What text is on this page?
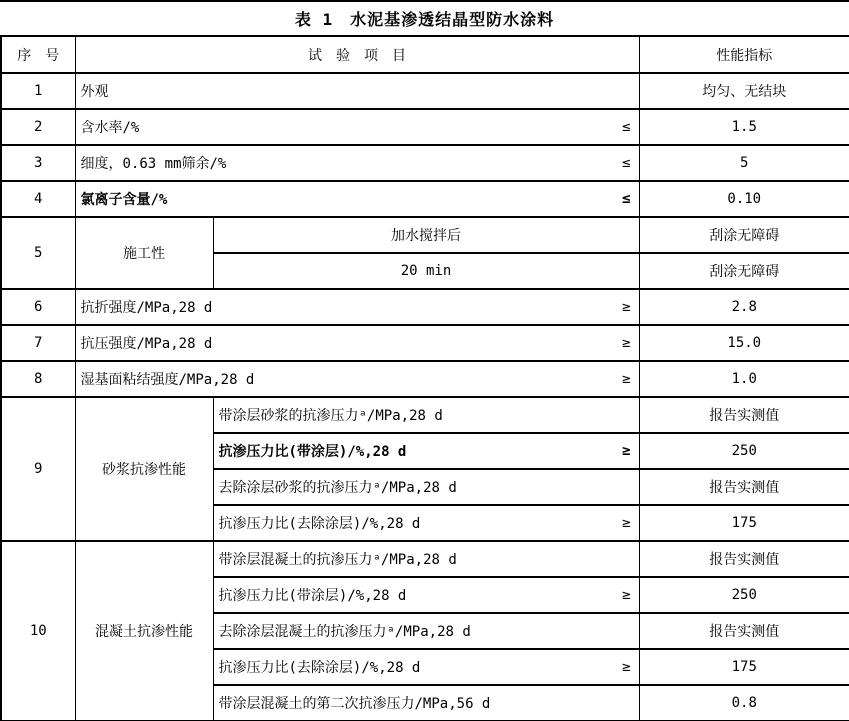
表 1　水泥基渗透结晶型防水涂料
序　号	试　验　项　目		性能指标
1	外观		均匀、无结块
2	含水率/% ≤		1.5
3	细度，0.63 mm筛余/% ≤		5
4	氯离子含量/% ≤		0.10
5	施工性	加水搅拌后	刮涂无障碍
		20 min	刮涂无障碍
6	抗折强度/MPa,28 d ≥		2.8
7	抗压强度/MPa,28 d ≥		15.0
8	湿基面粘结强度/MPa,28 d ≥		1.0
9	砂浆抗渗性能	带涂层砂浆的抗渗压力ᵃ/MPa,28 d	报告实测值

		抗渗压力比(带涂层)/%,28 d ≥	250

		去除涂层砂浆的抗渗压力ᵃ/MPa,28 d	报告实测值

		抗渗压力比(去除涂层)/%,28 d ≥	175
10	混凝土抗渗性能	带涂层混凝土的抗渗压力ᵃ/MPa,28 d	报告实测值

		抗渗压力比(带涂层)/%,28 d ≥	250

		去除涂层混凝土的抗渗压力ᵃ/MPa,28 d	报告实测值

		抗渗压力比(去除涂层)/%,28 d ≥	175

		带涂层混凝土的第二次抗渗压力/MPa,56 d	0.8
